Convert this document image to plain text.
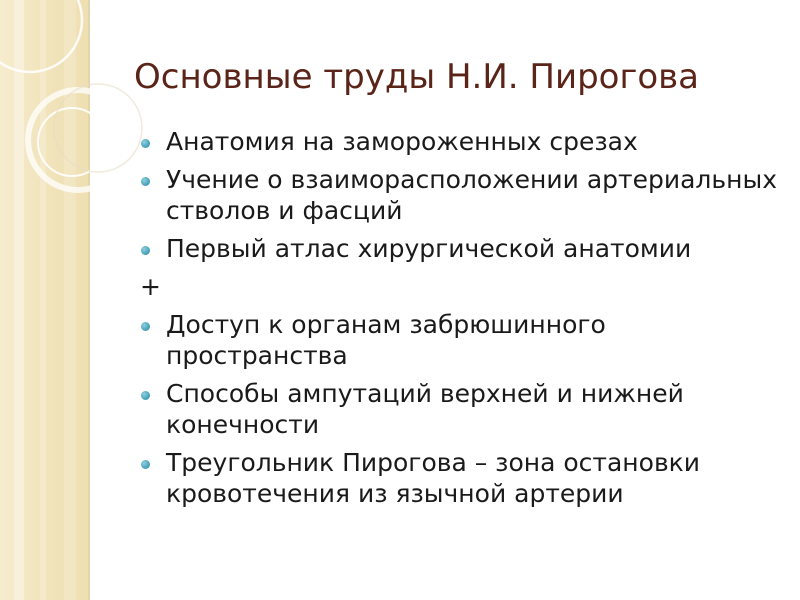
Основные труды Н.И. Пирогова
Анатомия на замороженных срезах
Учение о взаиморасположении артериальных стволов и фасций
Первый атлас хирургической анатомии
+
Доступ к органам забрюшинного пространства
Способы ампутаций верхней и нижней конечности
Треугольник Пирогова – зона остановки кровотечения из язычной артерии
